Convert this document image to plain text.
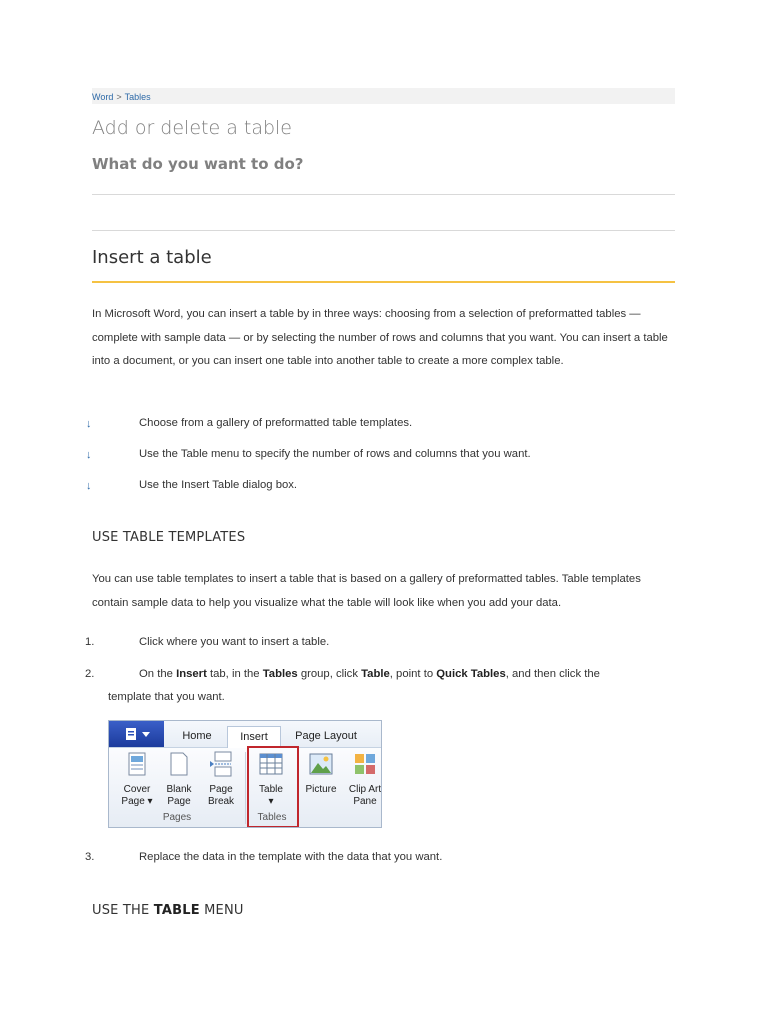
Word > Tables
Add or delete a table
What do you want to do?
Insert a table
In Microsoft Word, you can insert a table by in three ways: choosing from a selection of preformatted tables — complete with sample data — or by selecting the number of rows and columns that you want. You can insert a table into a document, or you can insert one table into another table to create a more complex table.
↓	Choose from a gallery of preformatted table templates.
↓	Use the Table menu to specify the number of rows and columns that you want.
↓	Use the Insert Table dialog box.
USE TABLE TEMPLATES
You can use table templates to insert a table that is based on a gallery of preformatted tables. Table templates contain sample data to help you visualize what the table will look like when you add your data.
1.	Click where you want to insert a table.
2.	On the Insert tab, in the Tables group, click Table, point to Quick Tables, and then click the
template that you want.
Home	Insert	Page Layout
Cover
Page ▾
Blank
Page
Page
Break
Table
▾
Picture	Clip Art
Pane
Pages	Tables
3.	Replace the data in the template with the data that you want.
USE THE TABLE MENU
